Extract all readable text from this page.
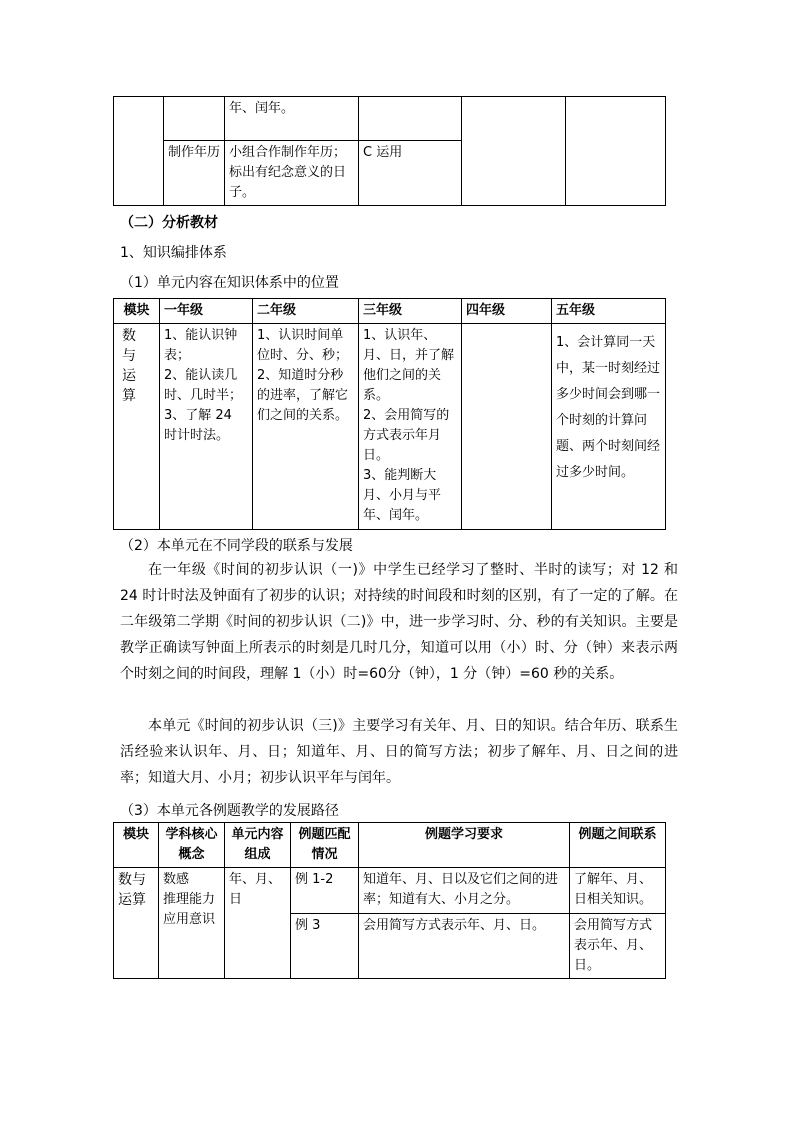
		年、闰年。			
	制作年历	小组合作制作年历；标出有纪念意义的日子。	C 运用		
（二）分析教材
1、知识编排体系
（1）单元内容在知识体系中的位置
模块	一年级	二年级	三年级	四年级	五年级

数
与
运
算	1、能认识钟表；
2、能认读几时、几时半；
3、了解 24 时计时法。	1、认识时间单位时、分、秒；
2、知道时分秒的进率，了解它们之间的关系。	1、认识年、月、日，并了解他们之间的关系。
2、会用简写的方式表示年月日。
3、能判断大月、小月与平年、闰年。		1、会计算同一天中，某一时刻经过多少时间会到哪一个时刻的计算问题、两个时刻间经过多少时间。

（2）本单元在不同学段的联系与发展
在一年级《时间的初步认识（一)》中学生已经学习了整时、半时的读写；对 12 和 24 时计时法及钟面有了初步的认识；对持续的时间段和时刻的区别，有了一定的了解。在二年级第二学期《时间的初步认识（二)》中，进一步学习时、分、秒的有关知识。主要是教学正确读写钟面上所表示的时刻是几时几分，知道可以用（小）时、分（钟）来表示两个时刻之间的时间段，理解 1（小）时=60分（钟），1 分（钟）=60 秒的关系。
本单元《时间的初步认识（三)》主要学习有关年、月、日的知识。结合年历、联系生活经验来认识年、月、日；知道年、月、日的简写方法；初步了解年、月、日之间的进率；知道大月、小月；初步认识平年与闰年。
（3）本单元各例题教学的发展路径
模块	学科核心概念	单元内容组成	例题匹配情况	例题学习要求	例题之间联系
数与运算	数感
推理能力
应用意识	年、月、日	例 1-2	知道年、月、日以及它们之间的进率；知道有大、小月之分。	了解年、月、日相关知识。
			例 3	会用简写方式表示年、月、日。	会用简写方式表示年、月、日。
